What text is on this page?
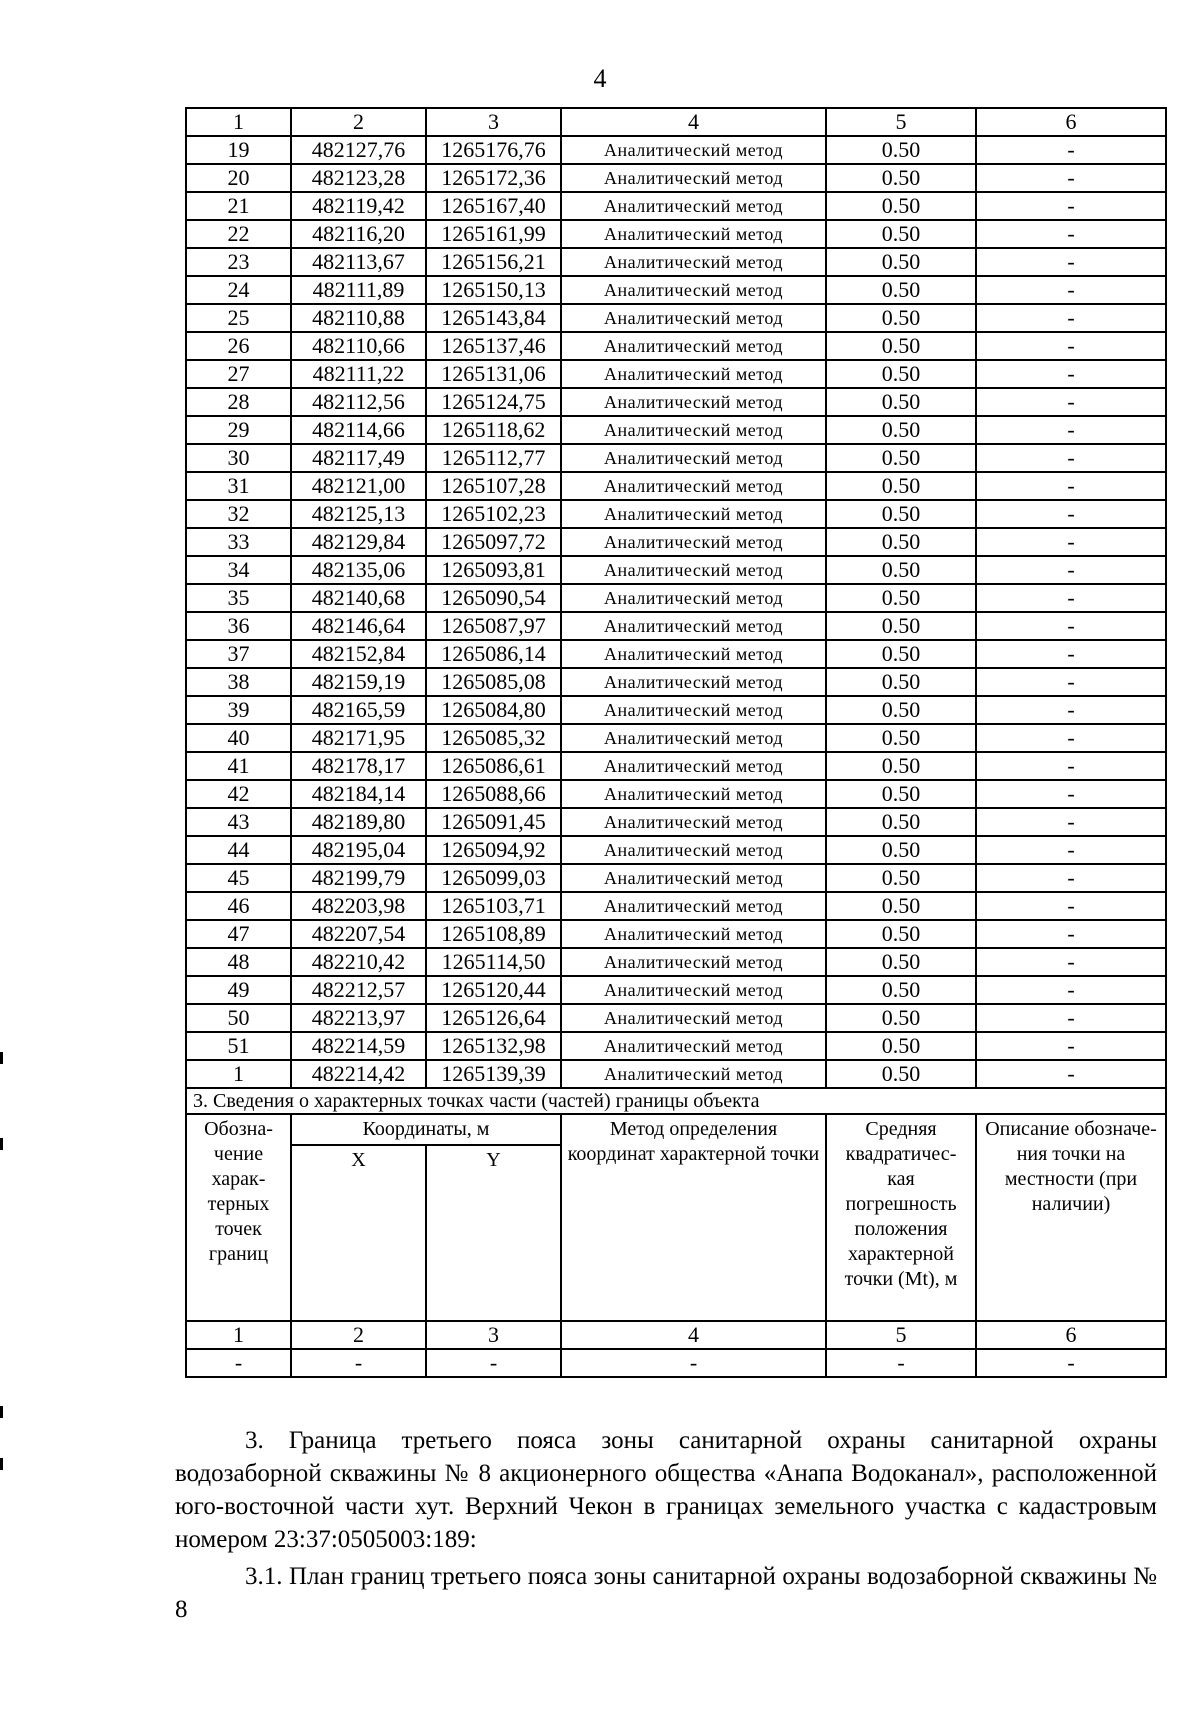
4
1	2	3	4	5	6
19	482127,76	1265176,76	Аналитический метод	0.50	-
20	482123,28	1265172,36	Аналитический метод	0.50	-
21	482119,42	1265167,40	Аналитический метод	0.50	-
22	482116,20	1265161,99	Аналитический метод	0.50	-
23	482113,67	1265156,21	Аналитический метод	0.50	-
24	482111,89	1265150,13	Аналитический метод	0.50	-
25	482110,88	1265143,84	Аналитический метод	0.50	-
26	482110,66	1265137,46	Аналитический метод	0.50	-
27	482111,22	1265131,06	Аналитический метод	0.50	-
28	482112,56	1265124,75	Аналитический метод	0.50	-
29	482114,66	1265118,62	Аналитический метод	0.50	-
30	482117,49	1265112,77	Аналитический метод	0.50	-
31	482121,00	1265107,28	Аналитический метод	0.50	-
32	482125,13	1265102,23	Аналитический метод	0.50	-
33	482129,84	1265097,72	Аналитический метод	0.50	-
34	482135,06	1265093,81	Аналитический метод	0.50	-
35	482140,68	1265090,54	Аналитический метод	0.50	-
36	482146,64	1265087,97	Аналитический метод	0.50	-
37	482152,84	1265086,14	Аналитический метод	0.50	-
38	482159,19	1265085,08	Аналитический метод	0.50	-
39	482165,59	1265084,80	Аналитический метод	0.50	-
40	482171,95	1265085,32	Аналитический метод	0.50	-
41	482178,17	1265086,61	Аналитический метод	0.50	-
42	482184,14	1265088,66	Аналитический метод	0.50	-
43	482189,80	1265091,45	Аналитический метод	0.50	-
44	482195,04	1265094,92	Аналитический метод	0.50	-
45	482199,79	1265099,03	Аналитический метод	0.50	-
46	482203,98	1265103,71	Аналитический метод	0.50	-
47	482207,54	1265108,89	Аналитический метод	0.50	-
48	482210,42	1265114,50	Аналитический метод	0.50	-
49	482212,57	1265120,44	Аналитический метод	0.50	-
50	482213,97	1265126,64	Аналитический метод	0.50	-
51	482214,59	1265132,98	Аналитический метод	0.50	-
1	482214,42	1265139,39	Аналитический метод	0.50	-
3. Сведения о характерных точках части (частей) границы объекта					
Обозна- чение харак- терных точек границ	Координаты, м		Метод определения координат характерной точки	Средняя квадратичес- кая погрешность положения характерной точки (Mt), м	Описание обозначе- ния точки на местности (при наличии)
	X	Y			
1	2	3	4	5	6
-	-	-	-	-	-
3. Граница третьего пояса зоны санитарной охраны санитарной охраны водозаборной скважины № 8 акционерного общества «Анапа Водоканал», расположенной юго-восточной части хут. Верхний Чекон в границах земельного участка с кадастровым номером 23:37:0505003:189:
3.1. План границ третьего пояса зоны санитарной охраны водозаборной скважины № 8
